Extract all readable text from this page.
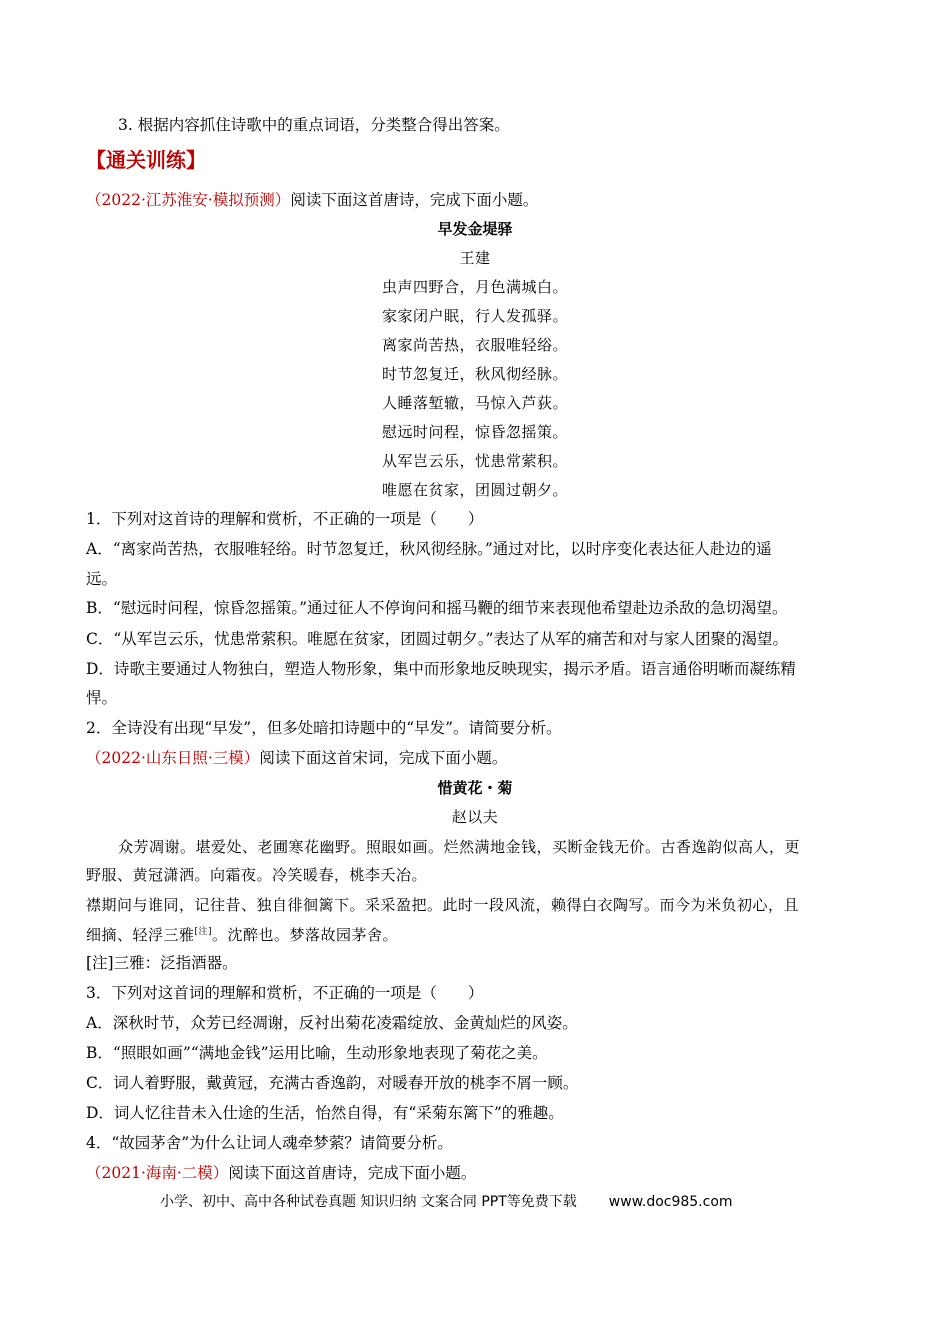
3. 根据内容抓住诗歌中的重点词语，分类整合得出答案。
【通关训练】
（2022·江苏淮安·模拟预测）阅读下面这首唐诗，完成下面小题。
早发金堤驿
王建
虫声四野合，月色满城白。
家家闭户眠，行人发孤驿。
离家尚苦热，衣服唯轻绤。
时节忽复迁，秋风彻经脉。
人睡落堑辙，马惊入芦荻。
慰远时问程，惊昏忽摇策。
从军岂云乐，忧患常萦积。
唯愿在贫家，团圆过朝夕。
1．下列对这首诗的理解和赏析，不正确的一项是（　　）
A．“离家尚苦热，衣服唯轻绤。时节忽复迁，秋风彻经脉。”通过对比，以时序变化表达征人赴边的遥
远。
B．“慰远时问程，惊昏忽摇策。”通过征人不停询问和摇马鞭的细节来表现他希望赴边杀敌的急切渴望。
C．“从军岂云乐，忧患常萦积。唯愿在贫家，团圆过朝夕。”表达了从军的痛苦和对与家人团聚的渴望。
D．诗歌主要通过人物独白，塑造人物形象，集中而形象地反映现实，揭示矛盾。语言通俗明晰而凝练精
悍。
2．全诗没有出现“早发”，但多处暗扣诗题中的“早发”。请简要分析。
（2022·山东日照·三模）阅读下面这首宋词，完成下面小题。
惜黄花・菊
赵以夫
众芳凋谢。堪爱处、老圃寒花幽野。照眼如画。烂然满地金钱，买断金钱无价。古香逸韵似高人，更
野服、黄冠潇洒。向霜夜。冷笑暖春，桃李夭冶。
襟期问与谁同，记往昔、独自徘徊篱下。采采盈把。此时一段风流，赖得白衣陶写。而今为米负初心，且
细摘、轻浮三雅[注]。沈醉也。梦落故园茅舍。
[注]三雅：泛指酒器。
3．下列对这首词的理解和赏析，不正确的一项是（　　）
A．深秋时节，众芳已经凋谢，反衬出菊花凌霜绽放、金黄灿烂的风姿。
B．“照眼如画”“满地金钱”运用比喻，生动形象地表现了菊花之美。
C．词人着野服，戴黄冠，充满古香逸韵，对暖春开放的桃李不屑一顾。
D．词人忆往昔未入仕途的生活，怡然自得，有“采菊东篱下”的雅趣。
4．“故园茅舍”为什么让词人魂牵梦萦？请简要分析。
（2021·海南·二模）阅读下面这首唐诗，完成下面小题。
小学、初中、高中各种试卷真题 知识归纳 文案合同 PPT等免费下载 www.doc985.com
